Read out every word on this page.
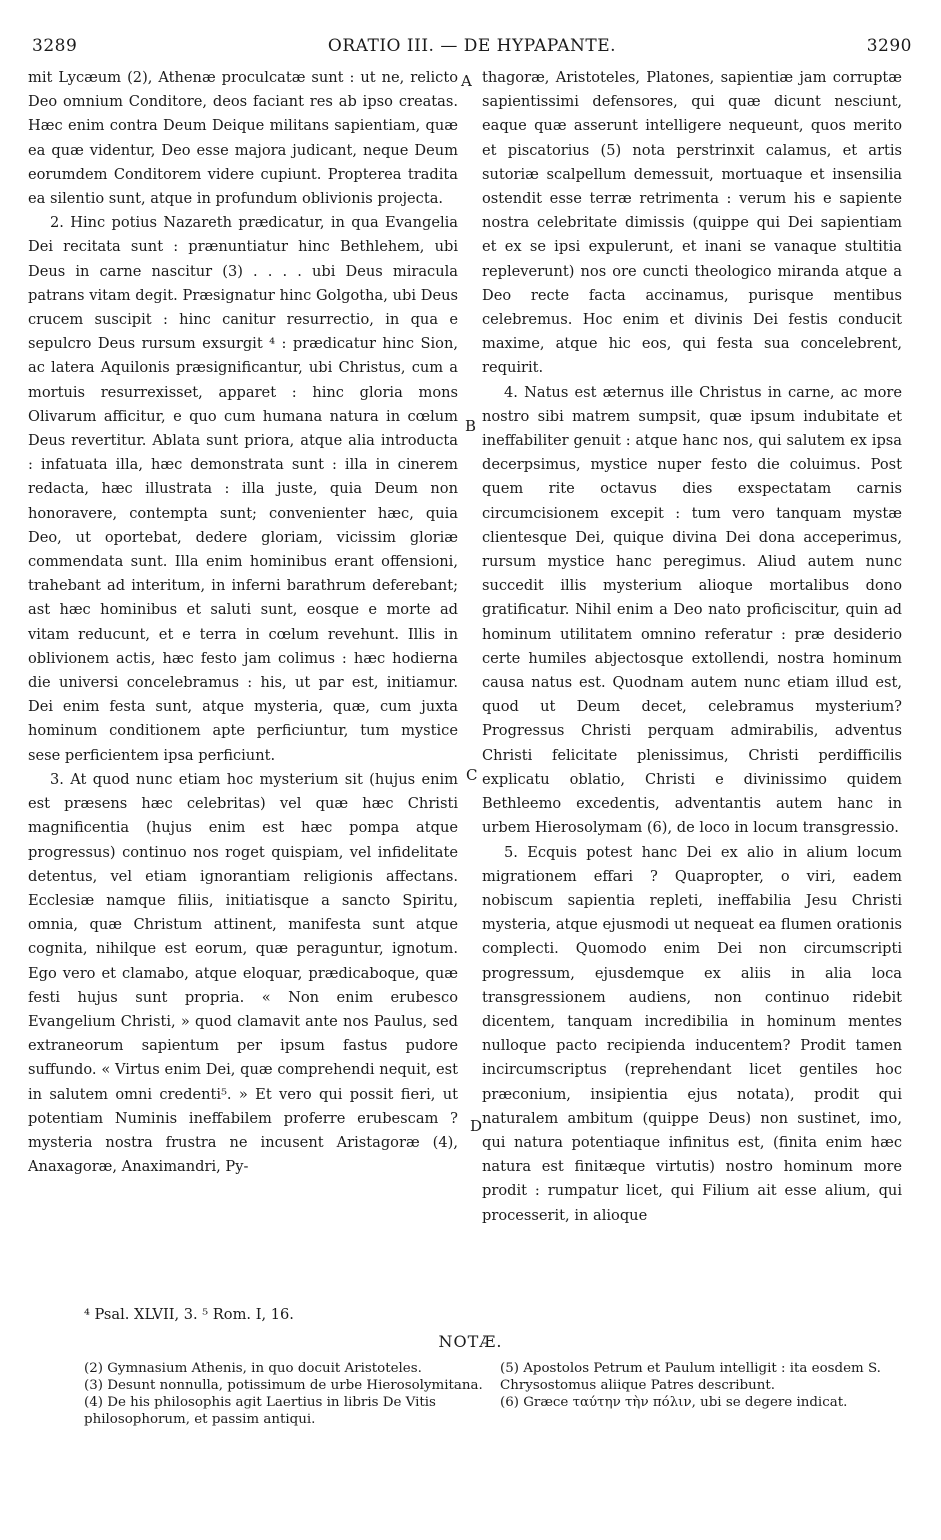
3289	ORATIO III. — DE HYPAPANTE.	3290

mit Lycæum (2), Athenæ proculcatæ sunt : ut ne, relicto Deo omnium Conditore, deos faciant res ab ipso creatas. Hæc enim contra Deum Deique militans sapientiam, quæ ea quæ videntur, Deo esse majora judicant, neque Deum eorumdem Conditorem videre cupiunt. Propterea tradita ea silentio sunt, atque in profundum oblivionis projecta.

2. Hinc potius Nazareth prædicatur, in qua Evangelia Dei recitata sunt : prænuntiatur hinc Bethlehem, ubi Deus in carne nascitur (3) . . . . ubi Deus miracula patrans vitam degit. Præsignatur hinc Golgotha, ubi Deus crucem suscipit : hinc canitur resurrectio, in qua e sepulcro Deus rursum exsurgit ⁴ : prædicatur hinc Sion, ac latera Aquilonis præsignificantur, ubi Christus, cum a mortuis resurrexisset, apparet : hinc gloria mons Olivarum afficitur, e quo cum humana natura in cœlum Deus revertitur. Ablata sunt priora, atque alia introducta : infatuata illa, hæc demonstrata sunt : illa in cinerem redacta, hæc illustrata : illa juste, quia Deum non honoravere, contempta sunt; convenienter hæc, quia Deo, ut oportebat, dedere gloriam, vicissim gloriæ commendata sunt. Illa enim hominibus erant offensioni, trahebant ad interitum, in inferni barathrum deferebant; ast hæc hominibus et saluti sunt, eosque e morte ad vitam reducunt, et e terra in cœlum revehunt. Illis in oblivionem actis, hæc festo jam colimus : hæc hodierna die universi concelebramus : his, ut par est, initiamur. Dei enim festa sunt, atque mysteria, quæ, cum juxta hominum conditionem apte perficiuntur, tum mystice sese perficientem ipsa perficiunt.

3. At quod nunc etiam hoc mysterium sit (hujus enim est præsens hæc celebritas) vel quæ hæc Christi magnificentia (hujus enim est hæc pompa atque progressus) continuo nos roget quispiam, vel infidelitate detentus, vel etiam ignorantiam religionis affectans. Ecclesiæ namque filiis, initiatisque a sancto Spiritu, omnia, quæ Christum attinent, manifesta sunt atque cognita, nihilque est eorum, quæ peraguntur, ignotum. Ego vero et clamabo, atque eloquar, prædicaboque, quæ festi hujus sunt propria. « Non enim erubesco Evangelium Christi, » quod clamavit ante nos Paulus, sed extraneorum sapientum per ipsum fastus pudore suffundo. « Virtus enim Dei, quæ comprehendi nequit, est in salutem omni credenti⁵. » Et vero qui possit fieri, ut potentiam Numinis ineffabilem proferre erubescam ? mysteria nostra frustra ne incusent Aristagoræ (4), Anaxagoræ, Anaximandri, Py-

A
B
C
D

thagoræ, Aristoteles, Platones, sapientiæ jam corruptæ sapientissimi defensores, qui quæ dicunt nesciunt, eaque quæ asserunt intelligere nequeunt, quos merito et piscatorius (5) nota perstrinxit calamus, et artis sutoriæ scalpellum demessuit, mortuaque et insensilia ostendit esse terræ retrimenta : verum his e sapiente nostra celebritate dimissis (quippe qui Dei sapientiam et ex se ipsi expulerunt, et inani se vanaque stultitia repleverunt) nos ore cuncti theologico miranda atque a Deo recte facta accinamus, purisque mentibus celebremus. Hoc enim et divinis Dei festis conducit maxime, atque hic eos, qui festa sua concelebrent, requirit.

4. Natus est æternus ille Christus in carne, ac more nostro sibi matrem sumpsit, quæ ipsum indubitate et ineffabiliter genuit : atque hanc nos, qui salutem ex ipsa decerpsimus, mystice nuper festo die coluimus. Post quem rite octavus dies exspectatam carnis circumcisionem excepit : tum vero tanquam mystæ clientesque Dei, quique divina Dei dona acceperimus, rursum mystice hanc peregimus. Aliud autem nunc succedit illis mysterium alioque mortalibus dono gratificatur. Nihil enim a Deo nato proficiscitur, quin ad hominum utilitatem omnino referatur : præ desiderio certe humiles abjectosque extollendi, nostra hominum causa natus est. Quodnam autem nunc etiam illud est, quod ut Deum decet, celebramus mysterium? Progressus Christi perquam admirabilis, adventus Christi felicitate plenissimus, Christi perdifficilis explicatu oblatio, Christi e divinissimo quidem Bethleemo excedentis, adventantis autem hanc in urbem Hierosolymam (6), de loco in locum transgressio.

5. Ecquis potest hanc Dei ex alio in alium locum migrationem effari ? Quapropter, o viri, eadem nobiscum sapientia repleti, ineffabilia Jesu Christi mysteria, atque ejusmodi ut nequeat ea flumen orationis complecti. Quomodo enim Dei non circumscripti progressum, ejusdemque ex aliis in alia loca transgressionem audiens, non continuo ridebit dicentem, tanquam incredibilia in hominum mentes nulloque pacto recipienda inducentem? Prodit tamen incircumscriptus (reprehendant licet gentiles hoc præconium, insipientia ejus notata), prodit qui naturalem ambitum (quippe Deus) non sustinet, imo, qui natura potentiaque infinitus est, (finita enim hæc natura est finitæque virtutis) nostro hominum more prodit : rumpatur licet, qui Filium ait esse alium, qui processerit, in alioque

⁴ Psal. XLVII, 3. ⁵ Rom. I, 16.
NOTÆ.

(2) Gymnasium Athenis, in quo docuit Aristoteles.

(3) Desunt nonnulla, potissimum de urbe Hierosolymitana.

(4) De his philosophis agit Laertius in libris De Vitis philosophorum, et passim antiqui.

(5) Apostolos Petrum et Paulum intelligit : ita eosdem S. Chrysostomus aliique Patres describunt.

(6) Græce ταύτην τὴν πόλιν, ubi se degere indicat.
